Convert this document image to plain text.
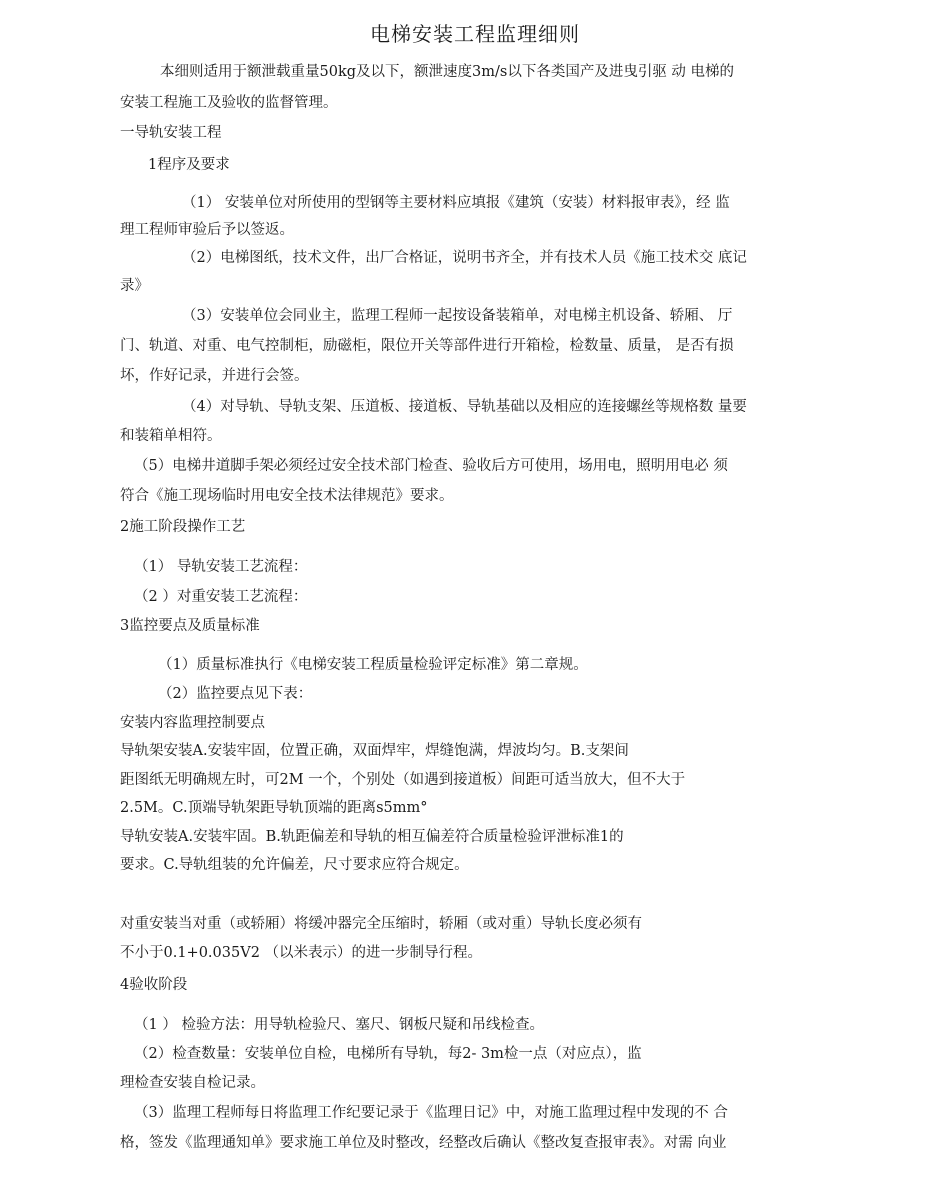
电梯安装工程监理细则
本细则适用于额泄载重量50kg及以下，额泄速度3m/s以下各类国产及进曳引驱 动 电梯的
安装工程施工及验收的监督管理。
一导轨安装工程
1程序及要求
（1） 安装单位对所使用的型钢等主要材料应填报《建筑（安装）材料报审表》，经 监
理工程师审验后予以签返。
（2）电梯图纸，技术文件，出厂合格证，说明书齐全，并有技术人员《施工技术交 底记
录》
（3）安装单位会同业主，监理工程师一起按设备装箱单，对电梯主机设备、轿厢、 厅
门、轨道、对重、电气控制柜，励磁柜，限位开关等部件进行开箱检，检数量、质量， 是否有损
坏，作好记录，并进行会签。
（4）对导轨、导轨支架、压道板、接道板、导轨基础以及相应的连接螺丝等规格数 量要
和装箱单相符。
（5）电梯井道脚手架必须经过安全技术部门检查、验收后方可使用，场用电，照明用电必 须
符合《施工现场临时用电安全技术法律规范》要求。
2施工阶段操作工艺
（1） 导轨安装工艺流程：
（2 ）对重安装工艺流程：
3监控要点及质量标准
（1）质量标准执行《电梯安装工程质量检验评定标准》第二章规。
（2）监控要点见下表：
安装内容监理控制要点
导轨架安装A.安装牢固，位置正确，双面焊牢，焊缝饱满，焊波均匀。B.支架间
距图纸无明确规左时，可2M 一个，个别处（如遇到接道板）间距可适当放大，但不大于
2.5M。C.顶端导轨架距导轨顶端的距离s5mm°
导轨安装A.安装牢固。B.轨距偏差和导轨的相互偏差符合质量检验评泄标准1的
要求。C.导轨组装的允许偏差，尺寸要求应符合规定。
对重安装当对重（或轿厢）将缓冲器完全压缩时，轿厢（或对重）导轨长度必须有
不小于0.1+0.035V2 （以米表示）的进一步制导行程。
4验收阶段
（1 ） 检验方法：用导轨检验尺、塞尺、钢板尺疑和吊线检查。
（2）检查数量：安装单位自检，电梯所有导轨，每2- 3m检一点（对应点），监
理检查安装自检记录。
（3）监理工程师每日将监理工作纪要记录于《监理日记》中，对施工监理过程中发现的不 合
格，签发《监理通知单》要求施工单位及时整改，经整改后确认《整改复查报审表》。对需 向业
